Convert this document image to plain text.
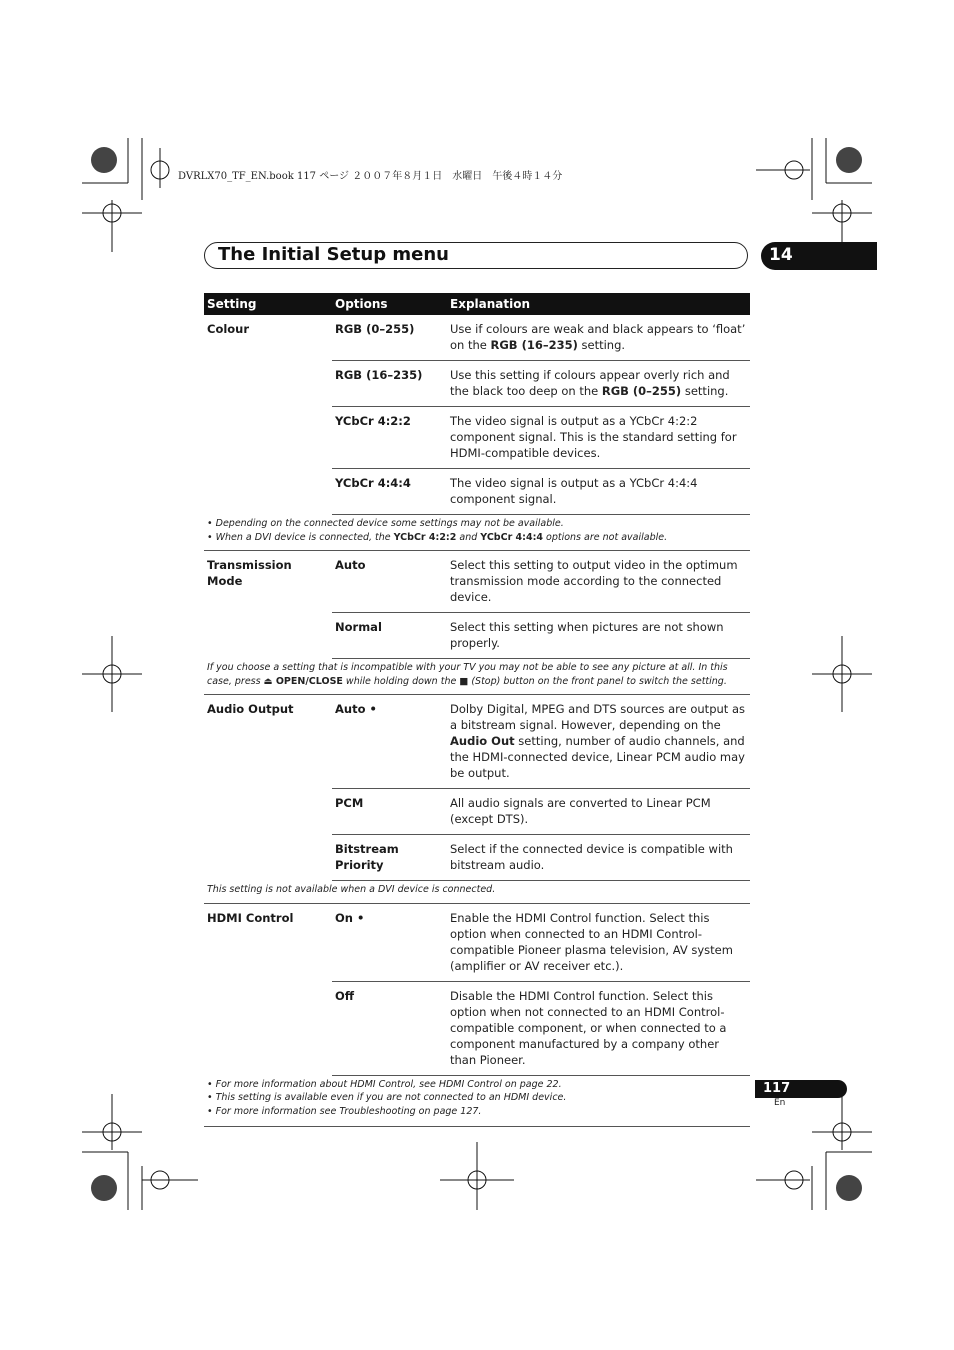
DVRLX70_TF_EN.book 117 ページ ２００７年８月１日　水曜日　午後４時１４分
The Initial Setup menu	14
Setting	Options	Explanation
Colour	RGB (0–255)	Use if colours are weak and black appears to ‘float’ on the RGB (16–235) setting.
	RGB (16–235)	Use this setting if colours appear overly rich and the black too deep on the RGB (0–255) setting.
	YCbCr 4:2:2	The video signal is output as a YCbCr 4:2:2 component signal. This is the standard setting for HDMI-compatible devices.
	YCbCr 4:4:4	The video signal is output as a YCbCr 4:4:4 component signal.

• Depending on the connected device some settings may not be available.
• When a DVI device is connected, the YCbCr 4:2:2 and YCbCr 4:4:4 options are not available.		

Transmission Mode	Auto	Select this setting to output video in the optimum transmission mode according to the connected device.
	Normal	Select this setting when pictures are not shown properly.
If you choose a setting that is incompatible with your TV you may not be able to see any picture at all. In this case, press ⏏ OPEN/CLOSE while holding down the ■ (Stop) button on the front panel to switch the setting.		
Audio Output	Auto •	Dolby Digital, MPEG and DTS sources are output as a bitstream signal. However, depending on the Audio Out setting, number of audio channels, and the HDMI-connected device, Linear PCM audio may be output.
	PCM	All audio signals are converted to Linear PCM (except DTS).
	Bitstream Priority	Select if the connected device is compatible with bitstream audio.
This setting is not available when a DVI device is connected.		
HDMI Control	On •	Enable the HDMI Control function. Select this option when connected to an HDMI Control-compatible Pioneer plasma television, AV system (amplifier or AV receiver etc.).
	Off	Disable the HDMI Control function. Select this option when not connected to an HDMI Control-compatible component, or when connected to a component manufactured by a company other than Pioneer.

• For more information about HDMI Control, see HDMI Control on page 22.
• This setting is available even if you are not connected to an HDMI device.
• For more information see Troubleshooting on page 127.		
117
En
